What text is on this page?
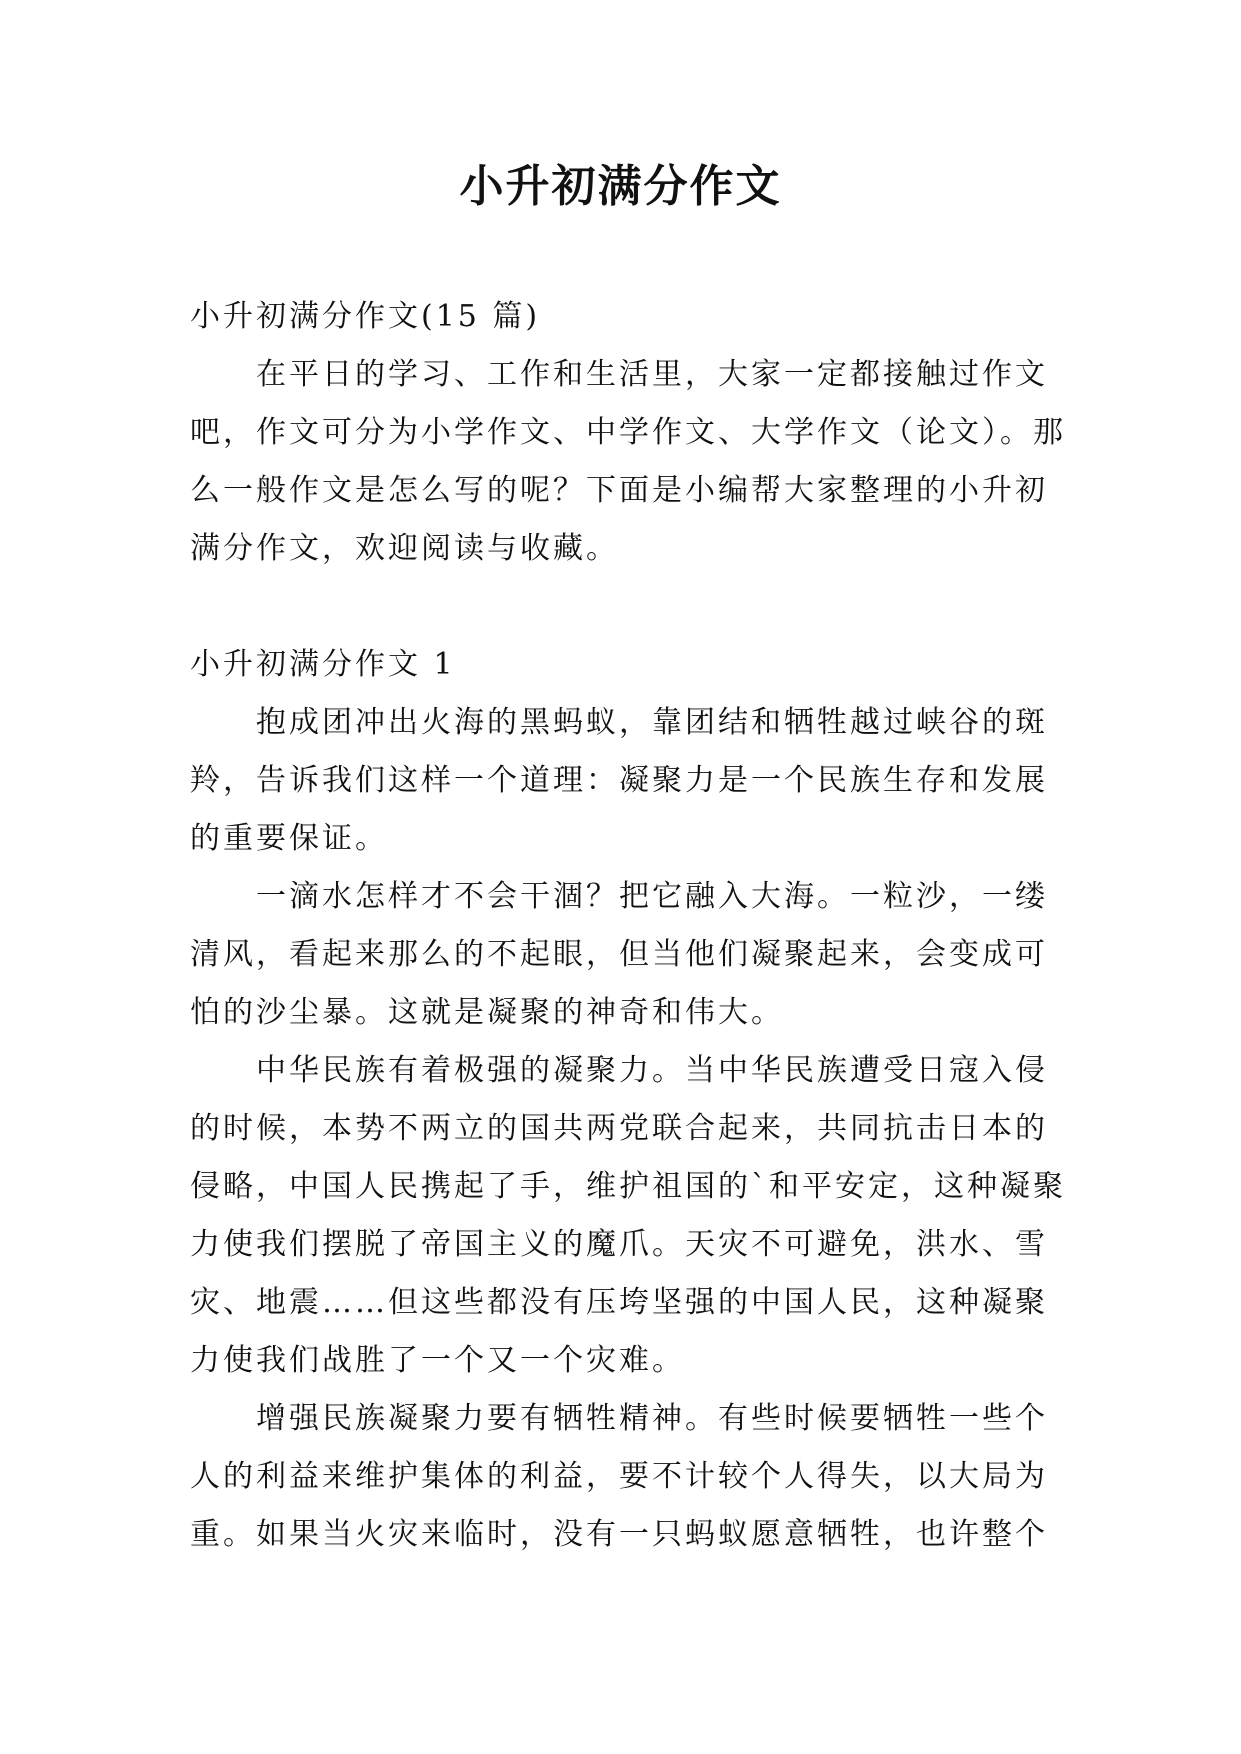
小升初满分作文

小升初满分作文(15 篇)

在平日的学习、工作和生活里，大家一定都接触过作文吧，作文可分为小学作文、中学作文、大学作文（论文）。那么一般作文是怎么写的呢？下面是小编帮大家整理的小升初满分作文，欢迎阅读与收藏。

小升初满分作文 1

抱成团冲出火海的黑蚂蚁，靠团结和牺牲越过峡谷的斑羚，告诉我们这样一个道理：凝聚力是一个民族生存和发展的重要保证。

一滴水怎样才不会干涸？把它融入大海。一粒沙，一缕清风，看起来那么的不起眼，但当他们凝聚起来，会变成可怕的沙尘暴。这就是凝聚的神奇和伟大。

中华民族有着极强的凝聚力。当中华民族遭受日寇入侵的时候，本势不两立的国共两党联合起来，共同抗击日本的侵略，中国人民携起了手，维护祖国的`和平安定，这种凝聚力使我们摆脱了帝国主义的魔爪。天灾不可避免，洪水、雪灾、地震……但这些都没有压垮坚强的中国人民，这种凝聚力使我们战胜了一个又一个灾难。

增强民族凝聚力要有牺牲精神。有些时候要牺牲一些个人的利益来维护集体的利益，要不计较个人得失，以大局为重。如果当火灾来临时，没有一只蚂蚁愿意牺牲，也许整个
